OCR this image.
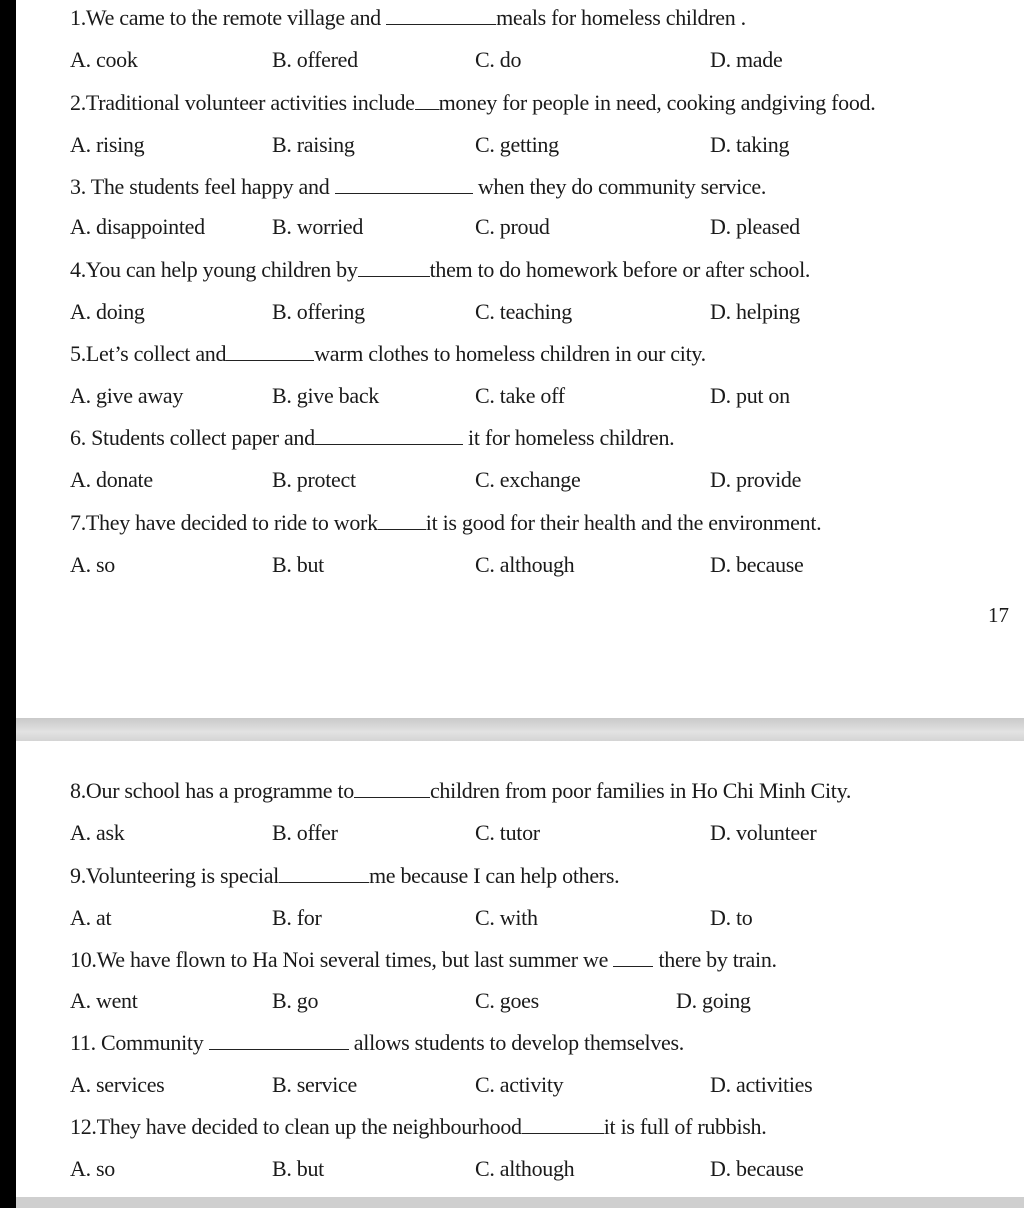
1.We came to the remote village and	meals for homeless children .
A. cook	B. offered	C. do	D. made
2.Traditional volunteer activities include money for people in need, cooking andgiving food.
A. rising	B. raising	C. getting	D. taking
3. The students feel happy and	when they do community service.
A. disappointed	B. worried	C. proud	D. pleased
4.You can help young children by	them to do homework before or after school.
A. doing	B. offering	C. teaching	D. helping
5.Let’s collect and	warm clothes to homeless children in our city.
A. give away	B. give back	C. take off	D. put on
6. Students collect paper and	it for homeless children.
A. donate	B. protect	C. exchange	D. provide
7.They have decided to ride to work it is good for their health and the environment.
A. so	B. but	C. although	D. because
17
8.Our school has a programme to	children from poor families in Ho Chi Minh City.
A. ask	B. offer	C. tutor	D. volunteer
9.Volunteering is special	me because I can help others.
A. at	B. for	C. with	D. to
10.We have flown to Ha Noi several times, but last summer we  there by train.
A. went	B. go	C. goes	D. going
11. Community	allows students to develop themselves.
A. services	B. service	C. activity	D. activities
12.They have decided to clean up the neighbourhood	it is full of rubbish.
A. so	B. but	C. although	D. because
